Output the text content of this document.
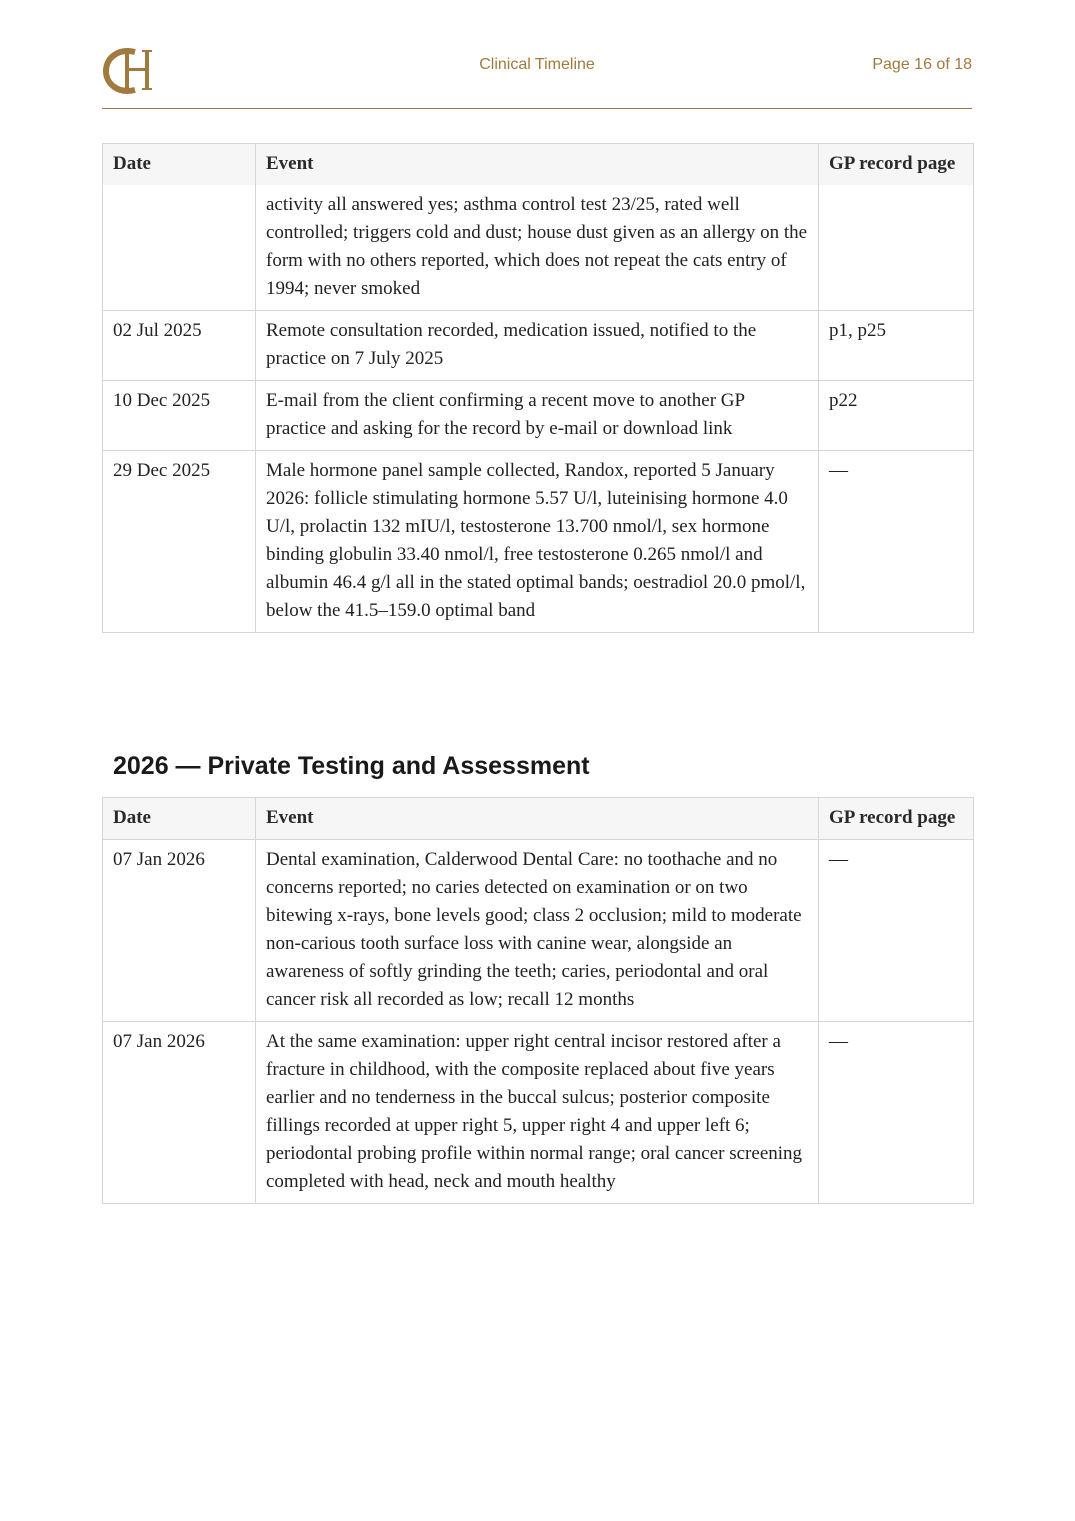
Clinical Timeline	Page 16 of 18
Date	Event	GP record page
	activity all answered yes; asthma control test 23/25, rated well controlled; triggers cold and dust; house dust given as an allergy on the form with no others reported, which does not repeat the cats entry of 1994; never smoked	
02 Jul 2025	Remote consultation recorded, medication issued, notified to the practice on 7 July 2025	p1, p25
10 Dec 2025	E-mail from the client confirming a recent move to another GP practice and asking for the record by e-mail or download link	p22
29 Dec 2025	Male hormone panel sample collected, Randox, reported 5 January 2026: follicle stimulating hormone 5.57 U/l, luteinising hormone 4.0 U/l, prolactin 132 mIU/l, testosterone 13.700 nmol/l, sex hormone binding globulin 33.40 nmol/l, free testosterone 0.265 nmol/l and albumin 46.4 g/l all in the stated optimal bands; oestradiol 20.0 pmol/l, below the 41.5–159.0 optimal band	—
2026 — Private Testing and Assessment
Date	Event	GP record page
07 Jan 2026	Dental examination, Calderwood Dental Care: no toothache and no concerns reported; no caries detected on examination or on two bitewing x-rays, bone levels good; class 2 occlusion; mild to moderate non-carious tooth surface loss with canine wear, alongside an awareness of softly grinding the teeth; caries, periodontal and oral cancer risk all recorded as low; recall 12 months	—
07 Jan 2026	At the same examination: upper right central incisor restored after a fracture in childhood, with the composite replaced about five years earlier and no tenderness in the buccal sulcus; posterior composite fillings recorded at upper right 5, upper right 4 and upper left 6; periodontal probing profile within normal range; oral cancer screening completed with head, neck and mouth healthy	—
